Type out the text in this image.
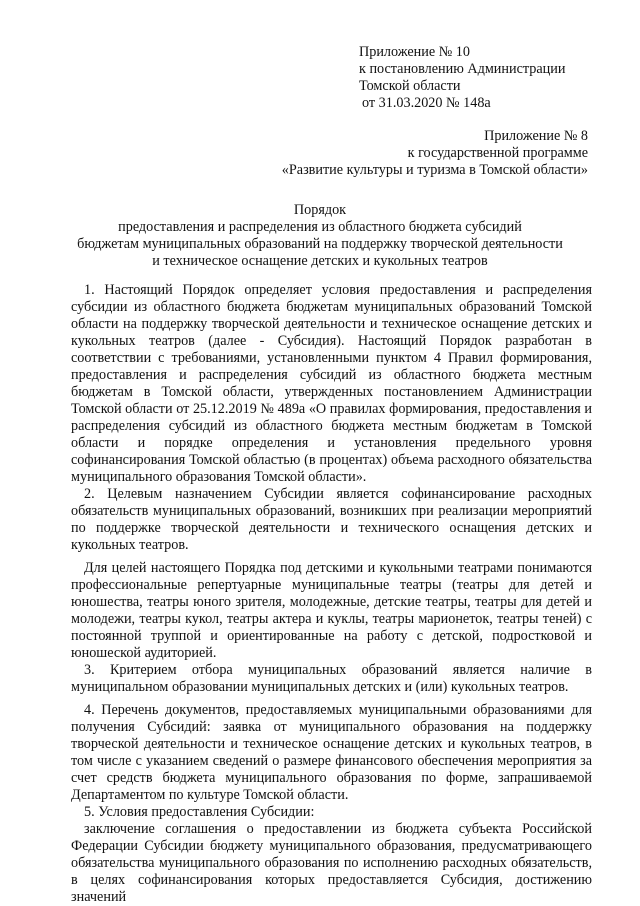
Приложение № 10
к постановлению Администрации
Томской области
от 31.03.2020 № 148а
Приложение № 8
к государственной программе
«Развитие культуры и туризма в Томской области»
Порядок
предоставления и распределения из областного бюджета субсидий
бюджетам муниципальных образований на поддержку творческой деятельности
и техническое оснащение детских и кукольных театров

1. Настоящий Порядок определяет условия предоставления и распределения субсидии из областного бюджета бюджетам муниципальных образований Томской области на поддержку творческой деятельности и техническое оснащение детских и кукольных театров (далее - Субсидия). Настоящий Порядок разработан в соответствии с требованиями, установленными пунктом 4 Правил формирования, предоставления и распределения субсидий из областного бюджета местным бюджетам в Томской области, утвержденных постановлением Администрации Томской области от 25.12.2019 № 489а «О правилах формирования, предоставления и распределения субсидий из областного бюджета местным бюджетам в Томской области и порядке определения и установления предельного уровня софинансирования Томской областью (в процентах) объема расходного обязательства муниципального образования Томской области».

2. Целевым назначением Субсидии является софинансирование расходных обязательств муниципальных образований, возникших при реализации мероприятий по поддержке творческой деятельности и технического оснащения детских и кукольных театров.

Для целей настоящего Порядка под детскими и кукольными театрами понимаются профессиональные репертуарные муниципальные театры (театры для детей и юношества, театры юного зрителя, молодежные, детские театры, театры для детей и молодежи, театры кукол, театры актера и куклы, театры марионеток, театры теней) с постоянной труппой и ориентированные на работу с детской, подростковой и юношеской аудиторией.

3. Критерием отбора муниципальных образований является наличие в муниципальном образовании муниципальных детских и (или) кукольных театров.

4. Перечень документов, предоставляемых муниципальными образованиями для получения Субсидий: заявка от муниципального образования на поддержку творческой деятельности и техническое оснащение детских и кукольных театров, в том числе с указанием сведений о размере финансового обеспечения мероприятия за счет средств бюджета муниципального образования по форме, запрашиваемой Департаментом по культуре Томской области.

5. Условия предоставления Субсидии:

заключение соглашения о предоставлении из бюджета субъекта Российской Федерации Субсидии бюджету муниципального образования, предусматривающего обязательства муниципального образования по исполнению расходных обязательств, в целях софинансирования которых предоставляется Субсидия, достижению значений
